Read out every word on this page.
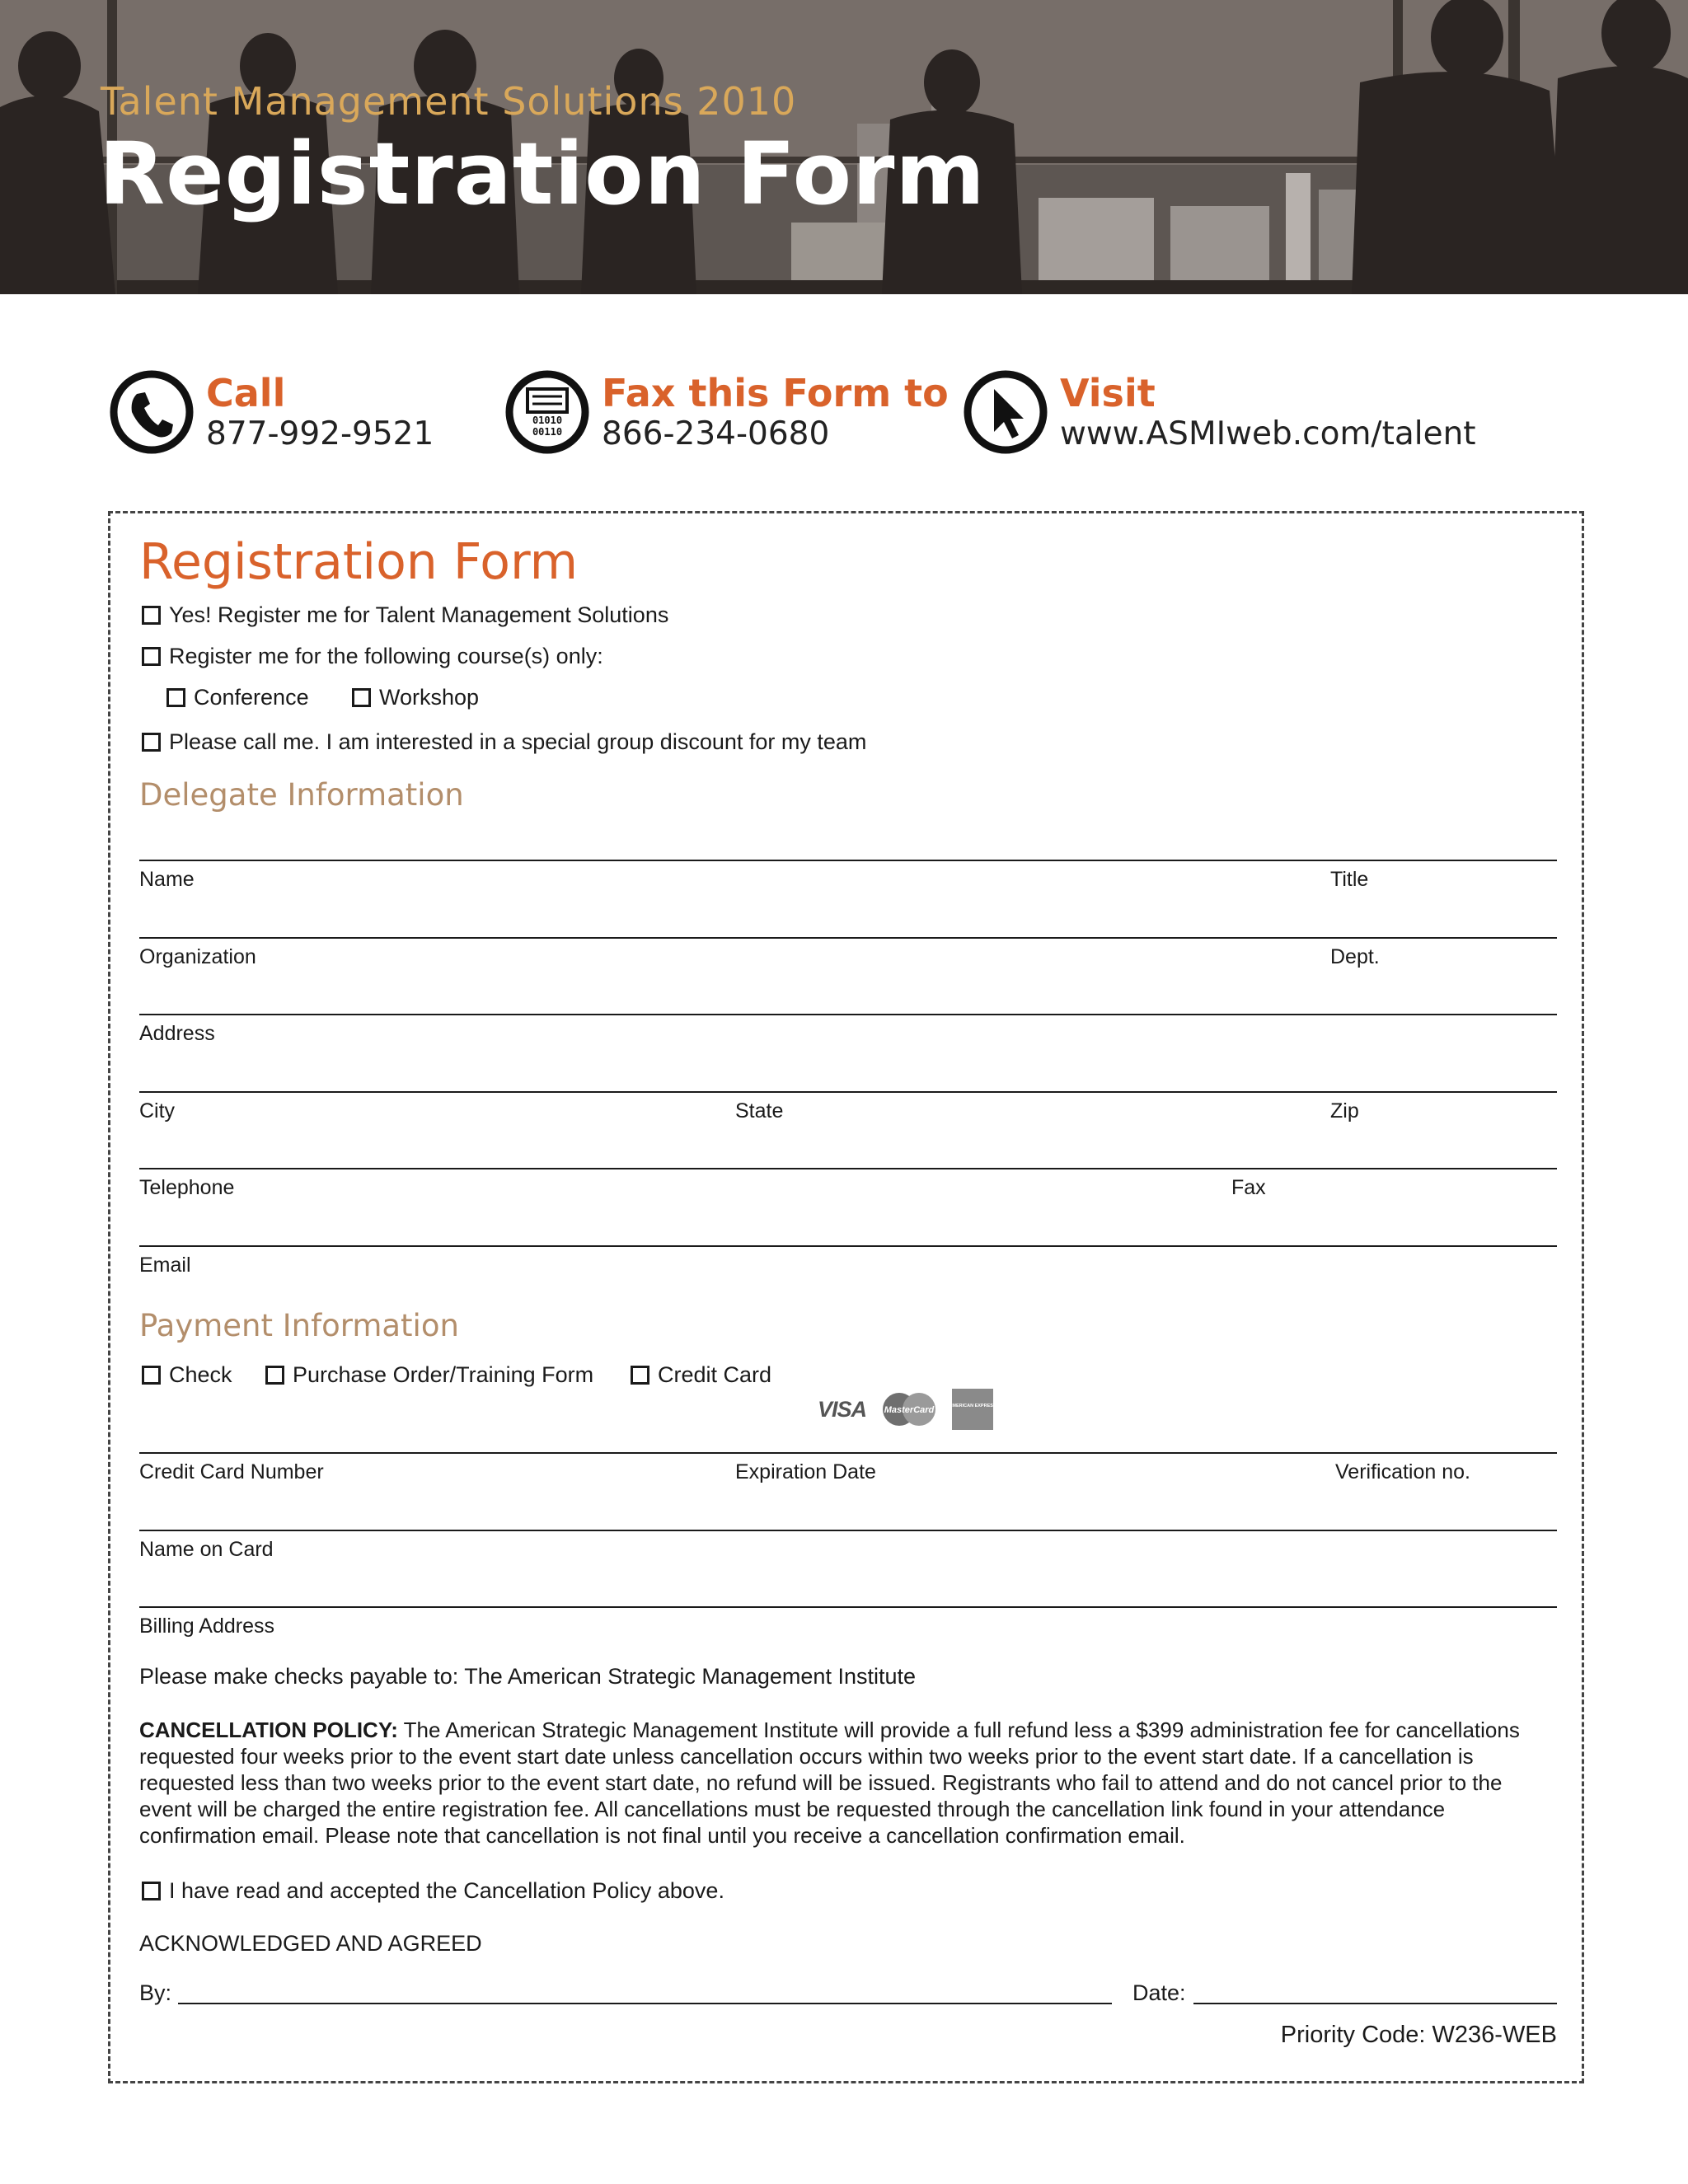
Talent Management Solutions 2010
Registration Form
Call
877-992-9521	01010
00110
Fax this Form to
866-234-0680
Visit
www.ASMIweb.com/talent
Registration Form
Yes! Register me for Talent Management Solutions
Register me for the following course(s) only:
Conference	Workshop
Please call me. I am interested in a special group discount for my team
Delegate Information
Name	Title
Organization	Dept.
Address
City	State	Zip
Telephone	Fax
Email
Payment Information
Check	Purchase Order/Training Form	Credit Card
VISA MasterCard	AMERICAN EXPRESS
Credit Card Number	Expiration Date	Verification no.
Name on Card
Billing Address
Please make checks payable to: The American Strategic Management Institute
CANCELLATION POLICY: The American Strategic Management Institute will provide a full refund less a $399 administration fee for cancellations requested four weeks prior to the event start date unless cancellation occurs within two weeks prior to the event start date. If a cancellation is requested less than two weeks prior to the event start date, no refund will be issued. Registrants who fail to attend and do not cancel prior to the event will be charged the entire registration fee. All cancellations must be requested through the cancellation link found in your attendance confirmation email. Please note that cancellation is not final until you receive a cancellation confirmation email.
I have read and accepted the Cancellation Policy above.
ACKNOWLEDGED AND AGREED
By:	Date:
Priority Code: W236-WEB
